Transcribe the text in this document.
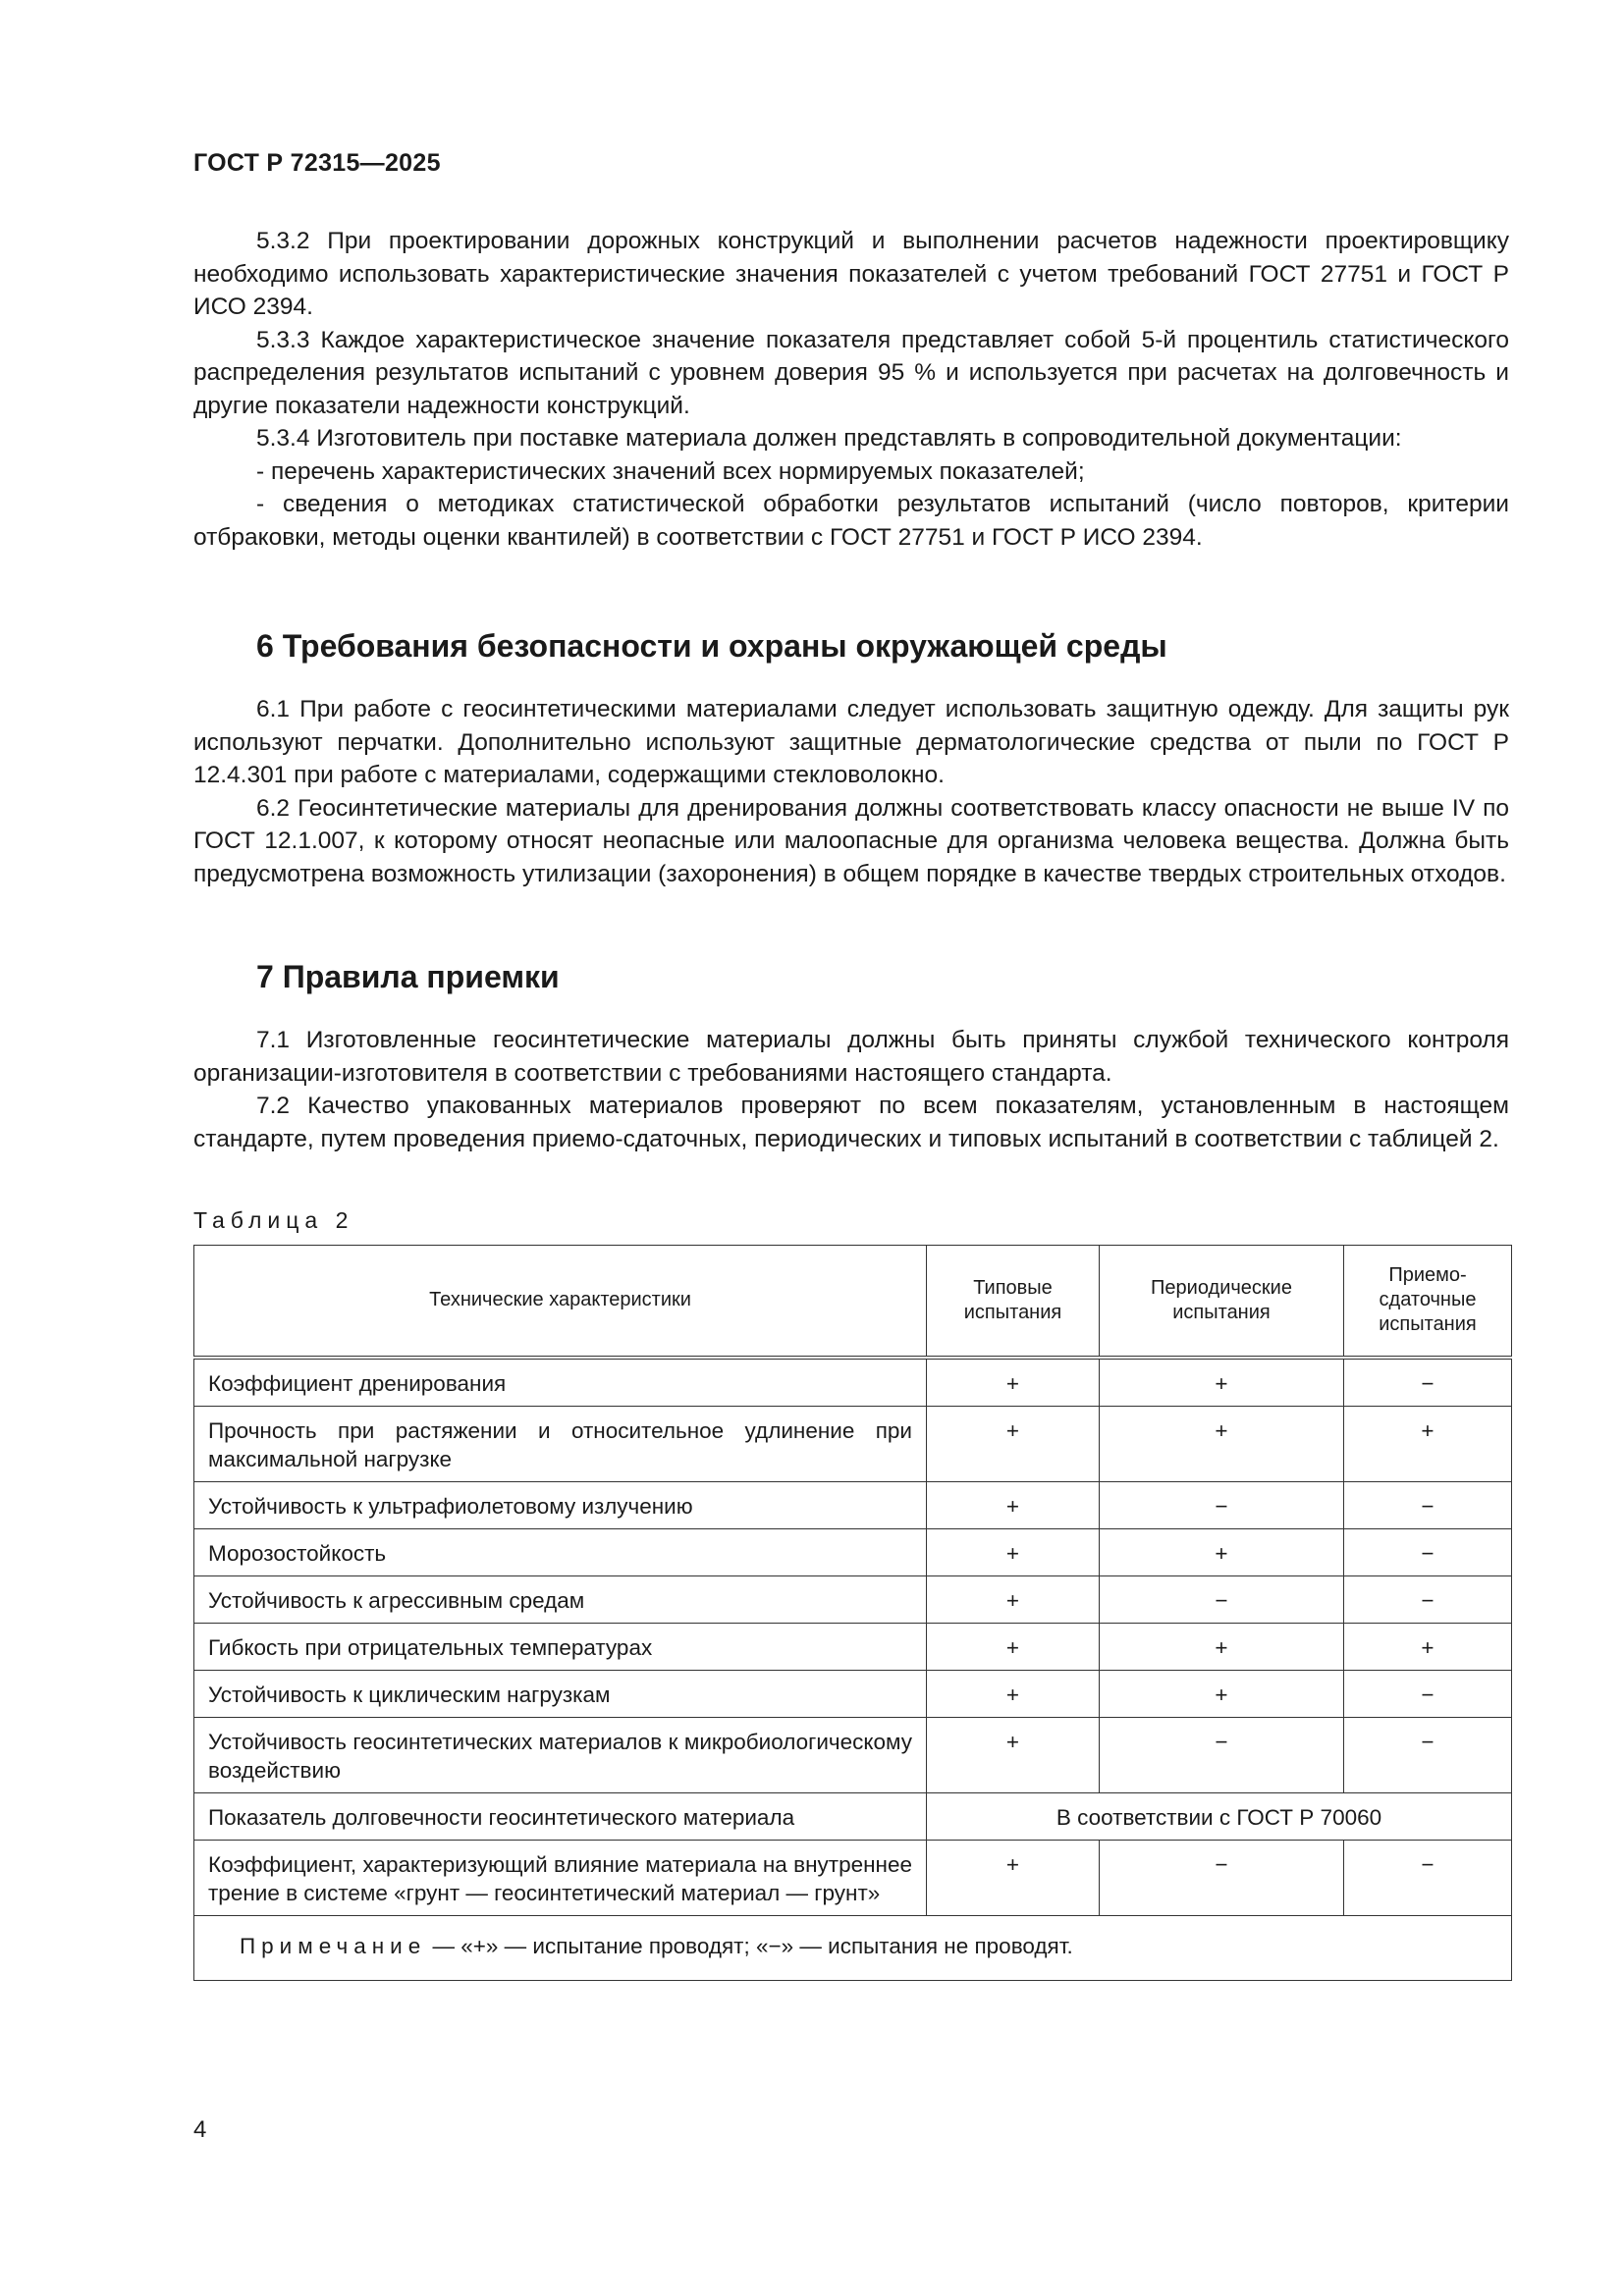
ГОСТ Р 72315—2025

5.3.2 При проектировании дорожных конструкций и выполнении расчетов надежности проектировщику необходимо использовать характеристические значения показателей с учетом требований ГОСТ 27751 и ГОСТ Р ИСО 2394.

5.3.3 Каждое характеристическое значение показателя представляет собой 5-й процентиль статистического распределения результатов испытаний с уровнем доверия 95 % и используется при расчетах на долговечность и другие показатели надежности конструкций.

5.3.4 Изготовитель при поставке материала должен представлять в сопроводительной документации:

- перечень характеристических значений всех нормируемых показателей;

- сведения о методиках статистической обработки результатов испытаний (число повторов, критерии отбраковки, методы оценки квантилей) в соответствии с ГОСТ 27751 и ГОСТ Р ИСО 2394.

6 Требования безопасности и охраны окружающей среды

6.1 При работе с геосинтетическими материалами следует использовать защитную одежду. Для защиты рук используют перчатки. Дополнительно используют защитные дерматологические средства от пыли по ГОСТ Р 12.4.301 при работе с материалами, содержащими стекловолокно.

6.2 Геосинтетические материалы для дренирования должны соответствовать классу опасности не выше IV по ГОСТ 12.1.007, к которому относят неопасные или малоопасные для организма человека вещества. Должна быть предусмотрена возможность утилизации (захоронения) в общем порядке в качестве твердых строительных отходов.

7 Правила приемки

7.1 Изготовленные геосинтетические материалы должны быть приняты службой технического контроля организации-изготовителя в соответствии с требованиями настоящего стандарта.

7.2 Качество упакованных материалов проверяют по всем показателям, установленным в настоящем стандарте, путем проведения приемо-сдаточных, периодических и типовых испытаний в соответствии с таблицей 2.

Таблица 2
Технические характеристики	Типовые испытания	Периодические испытания	Приемо-сдаточные испытания
Коэффициент дренирования	+	+	−
Прочность при растяжении и относительное удлинение при максимальной нагрузке	+	+	+
Устойчивость к ультрафиолетовому излучению	+	−	−
Морозостойкость	+	+	−
Устойчивость к агрессивным средам	+	−	−
Гибкость при отрицательных температурах	+	+	+
Устойчивость к циклическим нагрузкам	+	+	−
Устойчивость геосинтетических материалов к микробиологическому воздействию	+	−	−
Показатель долговечности геосинтетического материала	В соответствии с ГОСТ Р 70060		
Коэффициент, характеризующий влияние материала на внутреннее трение в системе «грунт — геосинтетический материал — грунт»	+	−	−
Примечание — «+» — испытание проводят; «−» — испытания не проводят.			
4
